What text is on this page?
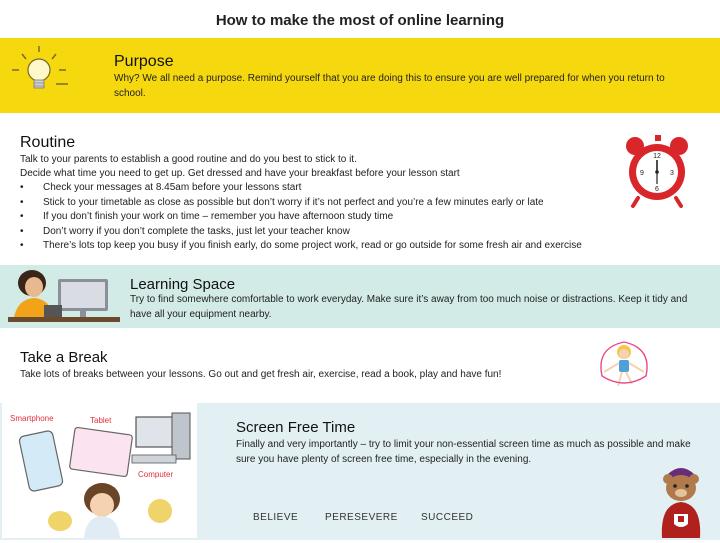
How to make the most of online learning
Purpose
Why? We all need a purpose. Remind yourself that you are doing this to ensure you are well prepared for when you return to school.
Routine
Talk to your parents to establish a good routine and do you best to stick to it.
Decide what time you need to get up. Get dressed and have your breakfast before your lesson start
• Check your messages at 8.45am before your lessons start
• Stick to your timetable as close as possible but don’t worry if it’s not perfect and you’re a few minutes early or late
• If you don’t finish your work on time – remember you have afternoon study time
• Don’t worry if you don’t complete the tasks, just let your teacher know
• There’s lots top keep you busy if you finish early, do some project work, read or go outside for some fresh air and exercise
12
3
6
9
Learning Space
Try to find somewhere comfortable to work everyday. Make sure it’s away from too much noise or distractions. Keep it tidy and have all your equipment nearby.
Take a Break
Take lots of breaks between your lessons. Go out and get fresh air, exercise, read a book, play and have fun!
Smartphone	Tablet
Computer
Screen Free Time
Finally and very importantly – try to limit your non-essential screen time as much as possible and make sure you have plenty of screen free time, especially in the evening.
BELIEVE	PERESEVERE SUCCEED
